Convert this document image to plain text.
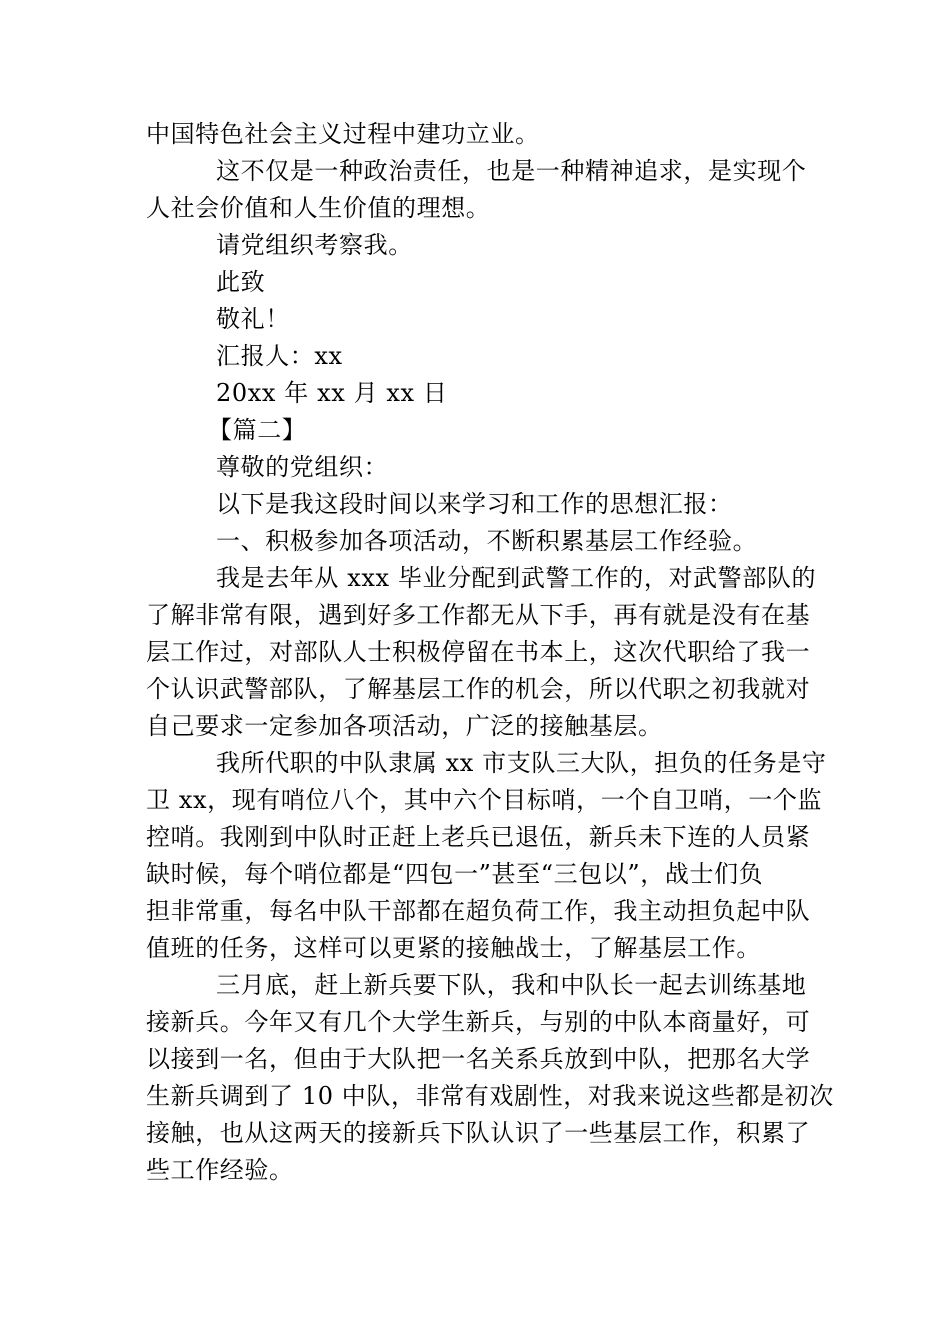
中国特色社会主义过程中建功立业。
这不仅是一种政治责任，也是一种精神追求，是实现个
人社会价值和人生价值的理想。
请党组织考察我。
此致
敬礼！
汇报人：xx
20xx 年 xx 月 xx 日
【篇二】
尊敬的党组织：
以下是我这段时间以来学习和工作的思想汇报：
一、积极参加各项活动，不断积累基层工作经验。
我是去年从 xxx 毕业分配到武警工作的，对武警部队的
了解非常有限，遇到好多工作都无从下手，再有就是没有在基
层工作过，对部队人士积极停留在书本上，这次代职给了我一
个认识武警部队，了解基层工作的机会，所以代职之初我就对
自己要求一定参加各项活动，广泛的接触基层。
我所代职的中队隶属 xx 市支队三大队，担负的任务是守
卫 xx，现有哨位八个，其中六个目标哨，一个自卫哨，一个监
控哨。我刚到中队时正赶上老兵已退伍，新兵未下连的人员紧
缺时候，每个哨位都是“四包一”甚至“三包以”，战士们负
担非常重，每名中队干部都在超负荷工作，我主动担负起中队
值班的任务，这样可以更紧的接触战士，了解基层工作。
三月底，赶上新兵要下队，我和中队长一起去训练基地
接新兵。今年又有几个大学生新兵，与别的中队本商量好，可
以接到一名，但由于大队把一名关系兵放到中队，把那名大学
生新兵调到了 10 中队，非常有戏剧性，对我来说这些都是初次
接触，也从这两天的接新兵下队认识了一些基层工作，积累了
些工作经验。
